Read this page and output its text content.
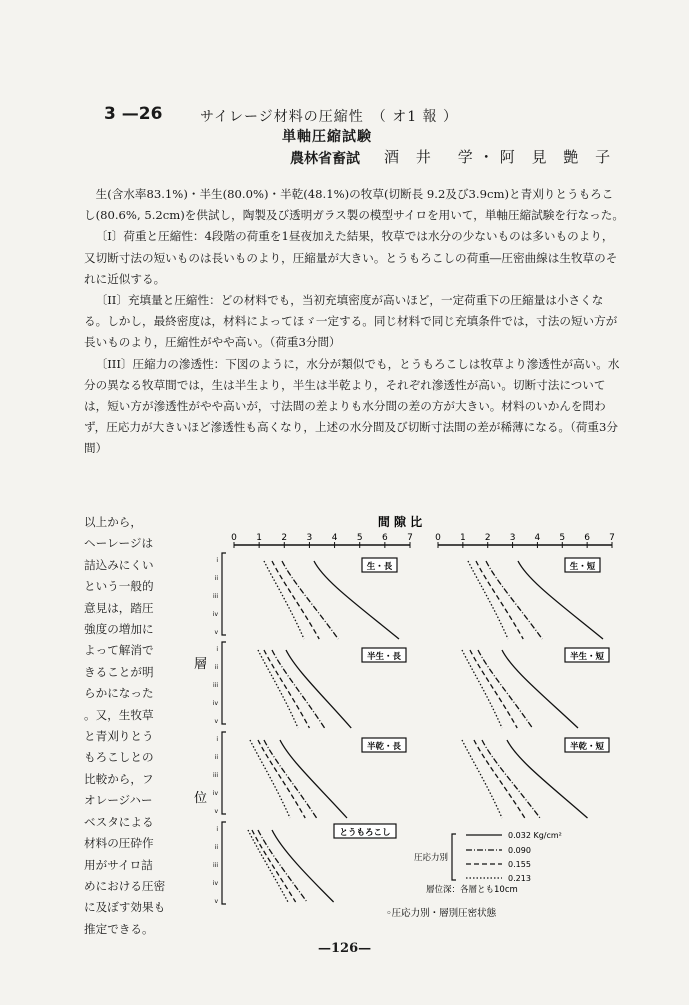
3 —26	サイレージ材料の圧縮性　（ オ1 報 ）
単軸圧縮試験
農林省畜試 酒 井　学・阿 見 艶 子

生(含水率83.1%)・半生(80.0%)・半乾(48.1%)の牧草(切断長 9.2及び3.9cm)と青刈りとうもろこし(80.6%, 5.2cm)を供試し，陶製及び透明ガラス製の模型サイロを用いて，単軸圧縮試験を行なった。

〔I〕荷重と圧縮性：4段階の荷重を1昼夜加えた結果，牧草では水分の少ないものは多いものより，又切断寸法の短いものは長いものより，圧縮量が大きい。とうもろこしの荷重―圧密曲線は生牧草のそれに近似する。

〔II〕充填量と圧縮性：どの材料でも，当初充填密度が高いほど，一定荷重下の圧縮量は小さくなる。しかし，最終密度は，材料によってほゞ一定する。同じ材料で同じ充填条件では，寸法の短い方が長いものより，圧縮性がやや高い。（荷重3分間）

〔III〕圧縮力の滲透性：下図のように，水分が類似でも，とうもろこしは牧草より滲透性が高い。水分の異なる牧草間では，生は半生より，半生は半乾より，それぞれ滲透性が高い。切断寸法については，短い方が滲透性がやや高いが，寸法間の差よりも水分間の差の方が大きい。材料のいかんを問わず，圧応力が大きいほど滲透性も高くなり，上述の水分間及び切断寸法間の差が稀薄になる。（荷重3分間）

以上から，
ヘーレージは
詰込みにくい
という一般的
意見は，踏圧
強度の増加に
よって解消で
きることが明
らかになった
。又，生牧草
と青刈りとう
もろこしとの
比較から，フ
オレージハー
ベスタによる
材料の圧砕作
用がサイロ詰
めにおける圧密
に及ぼす効果も
推定できる。
間 隙 比
0 1 2 3 4 5 6 7 0 1 2 3 4 5 6 7
i
ii
iii
iv
v
i
ii
iii
iv
v
i
ii
iii
iv
v
i
ii
iii
iv
v
生・長	生・短
半生・長	半生・短
半乾・長	半乾・短
とうもろこし
層
位
0.032 Kg/cm²
0.090
0.155
0.213
圧応力別
層位深：各層とも10cm
◦圧応力別・層別圧密状態
—126—
